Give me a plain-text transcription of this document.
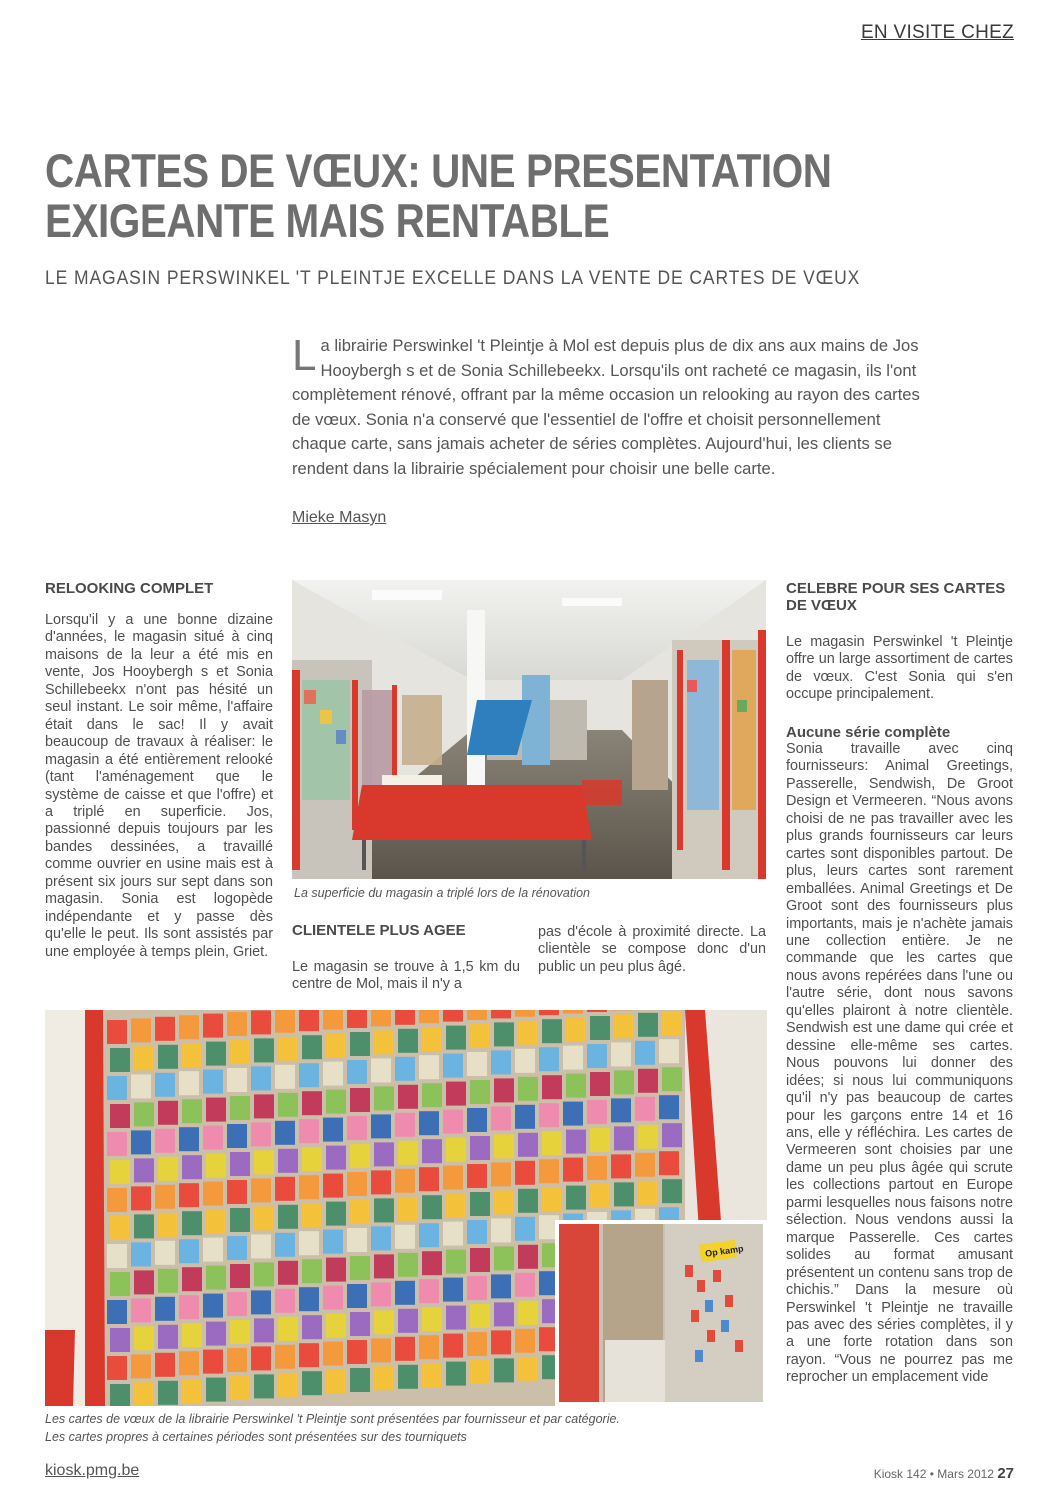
EN VISITE CHEZ
CARTES DE VŒUX: UNE PRESENTATION
EXIGEANTE MAIS RENTABLE
LE MAGASIN PERSWINKEL 'T PLEINTJE EXCELLE DANS LA VENTE DE CARTES DE VŒUX
La librairie Perswinkel 't Pleintje à Mol est depuis plus de dix ans aux mains de Jos Hooybergh s et de Sonia Schillebeekx. Lorsqu'ils ont racheté ce magasin, ils l'ont complètement rénové, offrant par la même occasion un relooking au rayon des cartes de vœux. Sonia n'a conservé que l'essentiel de l'offre et choisit personnellement chaque carte, sans jamais acheter de séries complètes. Aujourd'hui, les clients se rendent dans la librairie spécialement pour choisir une belle carte.
Mieke Masyn
RELOOKING COMPLET
Lorsqu'il y a une bonne dizaine d'années, le magasin situé à cinq maisons de la leur a été mis en vente, Jos Hooybergh s et Sonia Schillebeekx n'ont pas hésité un seul instant. Le soir même, l'affaire était dans le sac! Il y avait beaucoup de travaux à réaliser: le magasin a été entièrement relooké (tant l'aménagement que le système de caisse et que l'offre) et a triplé en superficie. Jos, passionné depuis toujours par les bandes dessinées, a travaillé comme ouvrier en usine mais est à présent six jours sur sept dans son magasin. Sonia est logopède indépendante et y passe dès qu'elle le peut. Ils sont assistés par une employée à temps plein, Griet.
La superficie du magasin a triplé lors de la rénovation
CLIENTELE PLUS AGEE
Le magasin se trouve à 1,5 km du centre de Mol, mais il n'y a
pas d'école à proximité directe. La clientèle se compose donc d'un public un peu plus âgé.
CELEBRE POUR SES CARTES DE VŒUX
Le magasin Perswinkel 't Pleintje offre un large assortiment de cartes de vœux. C'est Sonia qui s'en occupe principalement.
Aucune série complète
Sonia travaille avec cinq fournisseurs: Animal Greetings, Passerelle, Sendwish, De Groot Design et Vermeeren. “Nous avons choisi de ne pas travailler avec les plus grands fournisseurs car leurs cartes sont disponibles partout. De plus, leurs cartes sont rarement emballées. Animal Greetings et De Groot sont des fournisseurs plus importants, mais je n'achète jamais une collection entière. Je ne commande que les cartes que nous avons repérées dans l'une ou l'autre série, dont nous savons qu'elles plairont à notre clientèle. Sendwish est une dame qui crée et dessine elle-même ses cartes. Nous pouvons lui donner des idées; si nous lui communiquons qu'il n'y pas beaucoup de cartes pour les garçons entre 14 et 16 ans, elle y réfléchira. Les cartes de Vermeeren sont choisies par une dame un peu plus âgée qui scrute les collections partout en Europe parmi lesquelles nous faisons notre sélection. Nous vendons aussi la marque Passerelle. Ces cartes solides au format amusant présentent un contenu sans trop de chichis.” Dans la mesure où Perswinkel 't Pleintje ne travaille pas avec des séries complètes, il y a une forte rotation dans son rayon. “Vous ne pourrez pas me reprocher un emplacement vide
Op kamp
Les cartes de vœux de la librairie Perswinkel 't Pleintje sont présentées par fournisseur et par catégorie.
Les cartes propres à certaines périodes sont présentées sur des tourniquets
kiosk.pmg.be	Kiosk 142 • Mars 2012 27
